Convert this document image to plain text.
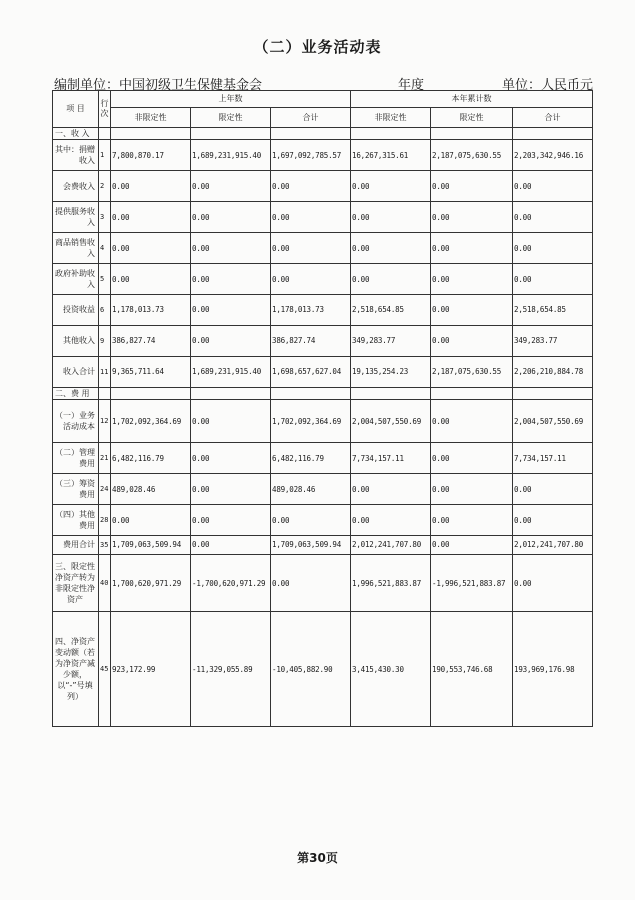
（二）业务活动表
编制单位：中国初级卫生保健基金会	年度	单位：人民币元
项 目	行次	上年数			本年累计数		
		非限定性	限定性	合计	非限定性	限定性	合计
一、收 入							
其中：捐赠收入	1	7,800,870.17	1,689,231,915.40	1,697,092,785.57	16,267,315.61	2,187,075,630.55	2,203,342,946.16
会费收入	2	0.00	0.00	0.00	0.00	0.00	0.00
提供服务收入	3	0.00	0.00	0.00	0.00	0.00	0.00
商品销售收入	4	0.00	0.00	0.00	0.00	0.00	0.00
政府补助收入	5	0.00	0.00	0.00	0.00	0.00	0.00
投资收益	6	1,178,013.73	0.00	1,178,013.73	2,518,654.85	0.00	2,518,654.85
其他收入	9	386,827.74	0.00	386,827.74	349,283.77	0.00	349,283.77
收入合计	11	9,365,711.64	1,689,231,915.40	1,698,657,627.04	19,135,254.23	2,187,075,630.55	2,206,210,884.78
二、费 用							
（一）业务活动成本	12	1,702,092,364.69	0.00	1,702,092,364.69	2,004,507,550.69	0.00	2,004,507,550.69
（二）管理费用	21	6,482,116.79	0.00	6,482,116.79	7,734,157.11	0.00	7,734,157.11
（三）筹资费用	24	489,028.46	0.00	489,028.46	0.00	0.00	0.00
（四）其他费用	28	0.00	0.00	0.00	0.00	0.00	0.00
费用合计	35	1,709,063,509.94	0.00	1,709,063,509.94	2,012,241,707.80	0.00	2,012,241,707.80
三、限定性净资产转为非限定性净资产	40	1,700,620,971.29	-1,700,620,971.29	0.00	1,996,521,883.87	-1,996,521,883.87	0.00
四、净资产变动额（若为净资产减少额，以“-”号填列）	45	923,172.99	-11,329,055.89	-10,405,882.90	3,415,430.30	190,553,746.68	193,969,176.98
第30页
